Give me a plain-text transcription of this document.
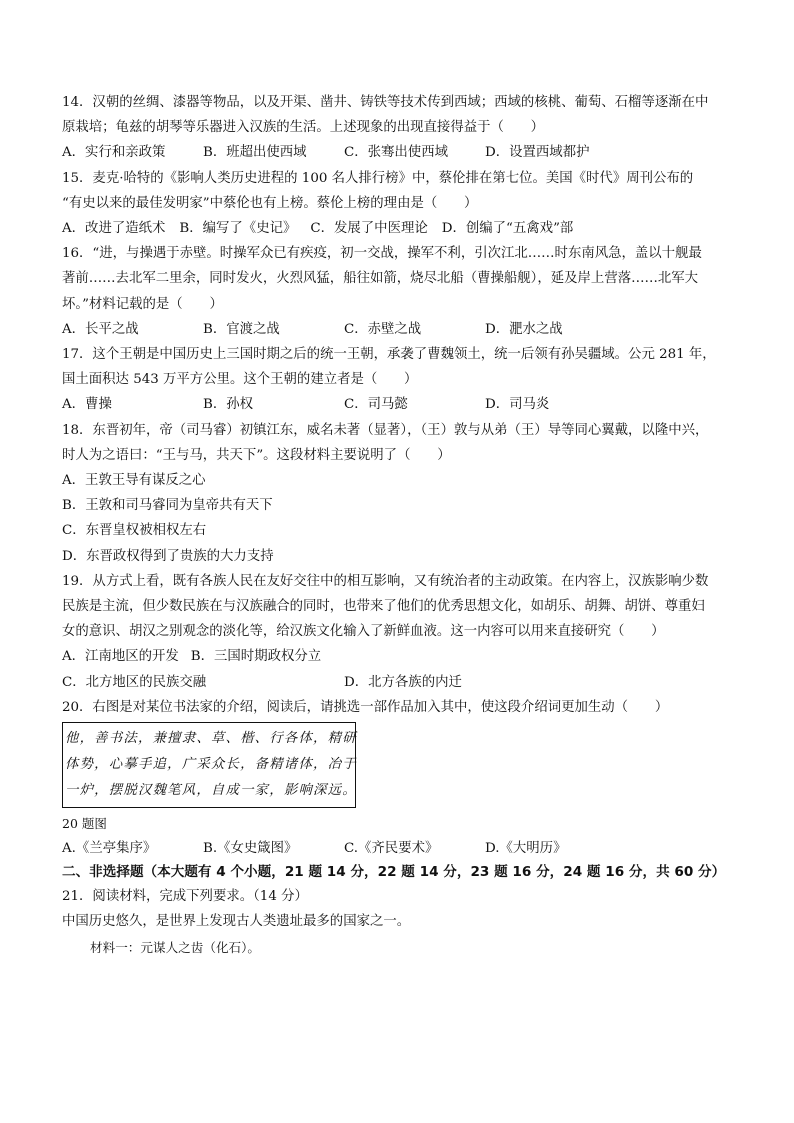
14．汉朝的丝绸、漆器等物品，以及开渠、凿井、铸铁等技术传到西域；西域的核桃、葡萄、石榴等逐渐在中
原栽培；龟兹的胡琴等乐器进入汉族的生活。上述现象的出现直接得益于（　　）
A．实行和亲政策	B．班超出使西域	C．张骞出使西域	D．设置西域都护
15．麦克·哈特的《影响人类历史进程的 100 名人排行榜》中，蔡伦排在第七位。美国《时代》周刊公布的
“有史以来的最佳发明家”中蔡伦也有上榜。蔡伦上榜的理由是（　　）
A．改进了造纸术 B．编写了《史记》 C．发展了中医理论 D．创编了“五禽戏”部
16．“进，与操遇于赤壁。时操军众已有疾疫，初一交战，操军不利，引次江北……时东南风急，盖以十舰最
著前……去北军二里余，同时发火，火烈风猛，船往如箭，烧尽北船（曹操船舰），延及岸上营落……北军大
坏。”材料记载的是（　　）
A．长平之战	B．官渡之战	C．赤壁之战	D．淝水之战
17．这个王朝是中国历史上三国时期之后的统一王朝，承袭了曹魏领土，统一后领有孙吴疆域。公元 281 年，
国土面积达 543 万平方公里。这个王朝的建立者是（　　）
A．曹操	B．孙权	C．司马懿	D．司马炎
18．东晋初年，帝（司马睿）初镇江东，威名未著（显著），（王）敦与从弟（王）导等同心翼戴，以隆中兴，
时人为之语曰：“王与马，共天下”。这段材料主要说明了（　　）
A．王敦王导有谋反之心
B．王敦和司马睿同为皇帝共有天下
C．东晋皇权被相权左右
D．东晋政权得到了贵族的大力支持
19．从方式上看，既有各族人民在友好交往中的相互影响，又有统治者的主动政策。在内容上，汉族影响少数
民族是主流，但少数民族在与汉族融合的同时，也带来了他们的优秀思想文化，如胡乐、胡舞、胡饼、尊重妇
女的意识、胡汉之别观念的淡化等，给汉族文化输入了新鲜血液。这一内容可以用来直接研究（　　）
A．江南地区的开发 B．三国时期政权分立
C．北方地区的民族交融	D．北方各族的内迁
20．右图是对某位书法家的介绍，阅读后，请挑选一部作品加入其中，使这段介绍词更加生动（　　）
他，善书法，兼擅隶、草、楷、行各体，精研
体势，心摹手追，广采众长，备精诸体，冶于
一炉，摆脱汉魏笔风，自成一家，影响深远。
20 题图
A.《兰亭集序》	B.《女史箴图》	C.《齐民要术》	D.《大明历》
二、非选择题（本大题有 4 个小题，21 题 14 分，22 题 14 分，23 题 16 分，24 题 16 分，共 60 分）
21．阅读材料，完成下列要求。（14 分）
中国历史悠久，是世界上发现古人类遗址最多的国家之一。
材料一：元谋人之齿（化石）。
